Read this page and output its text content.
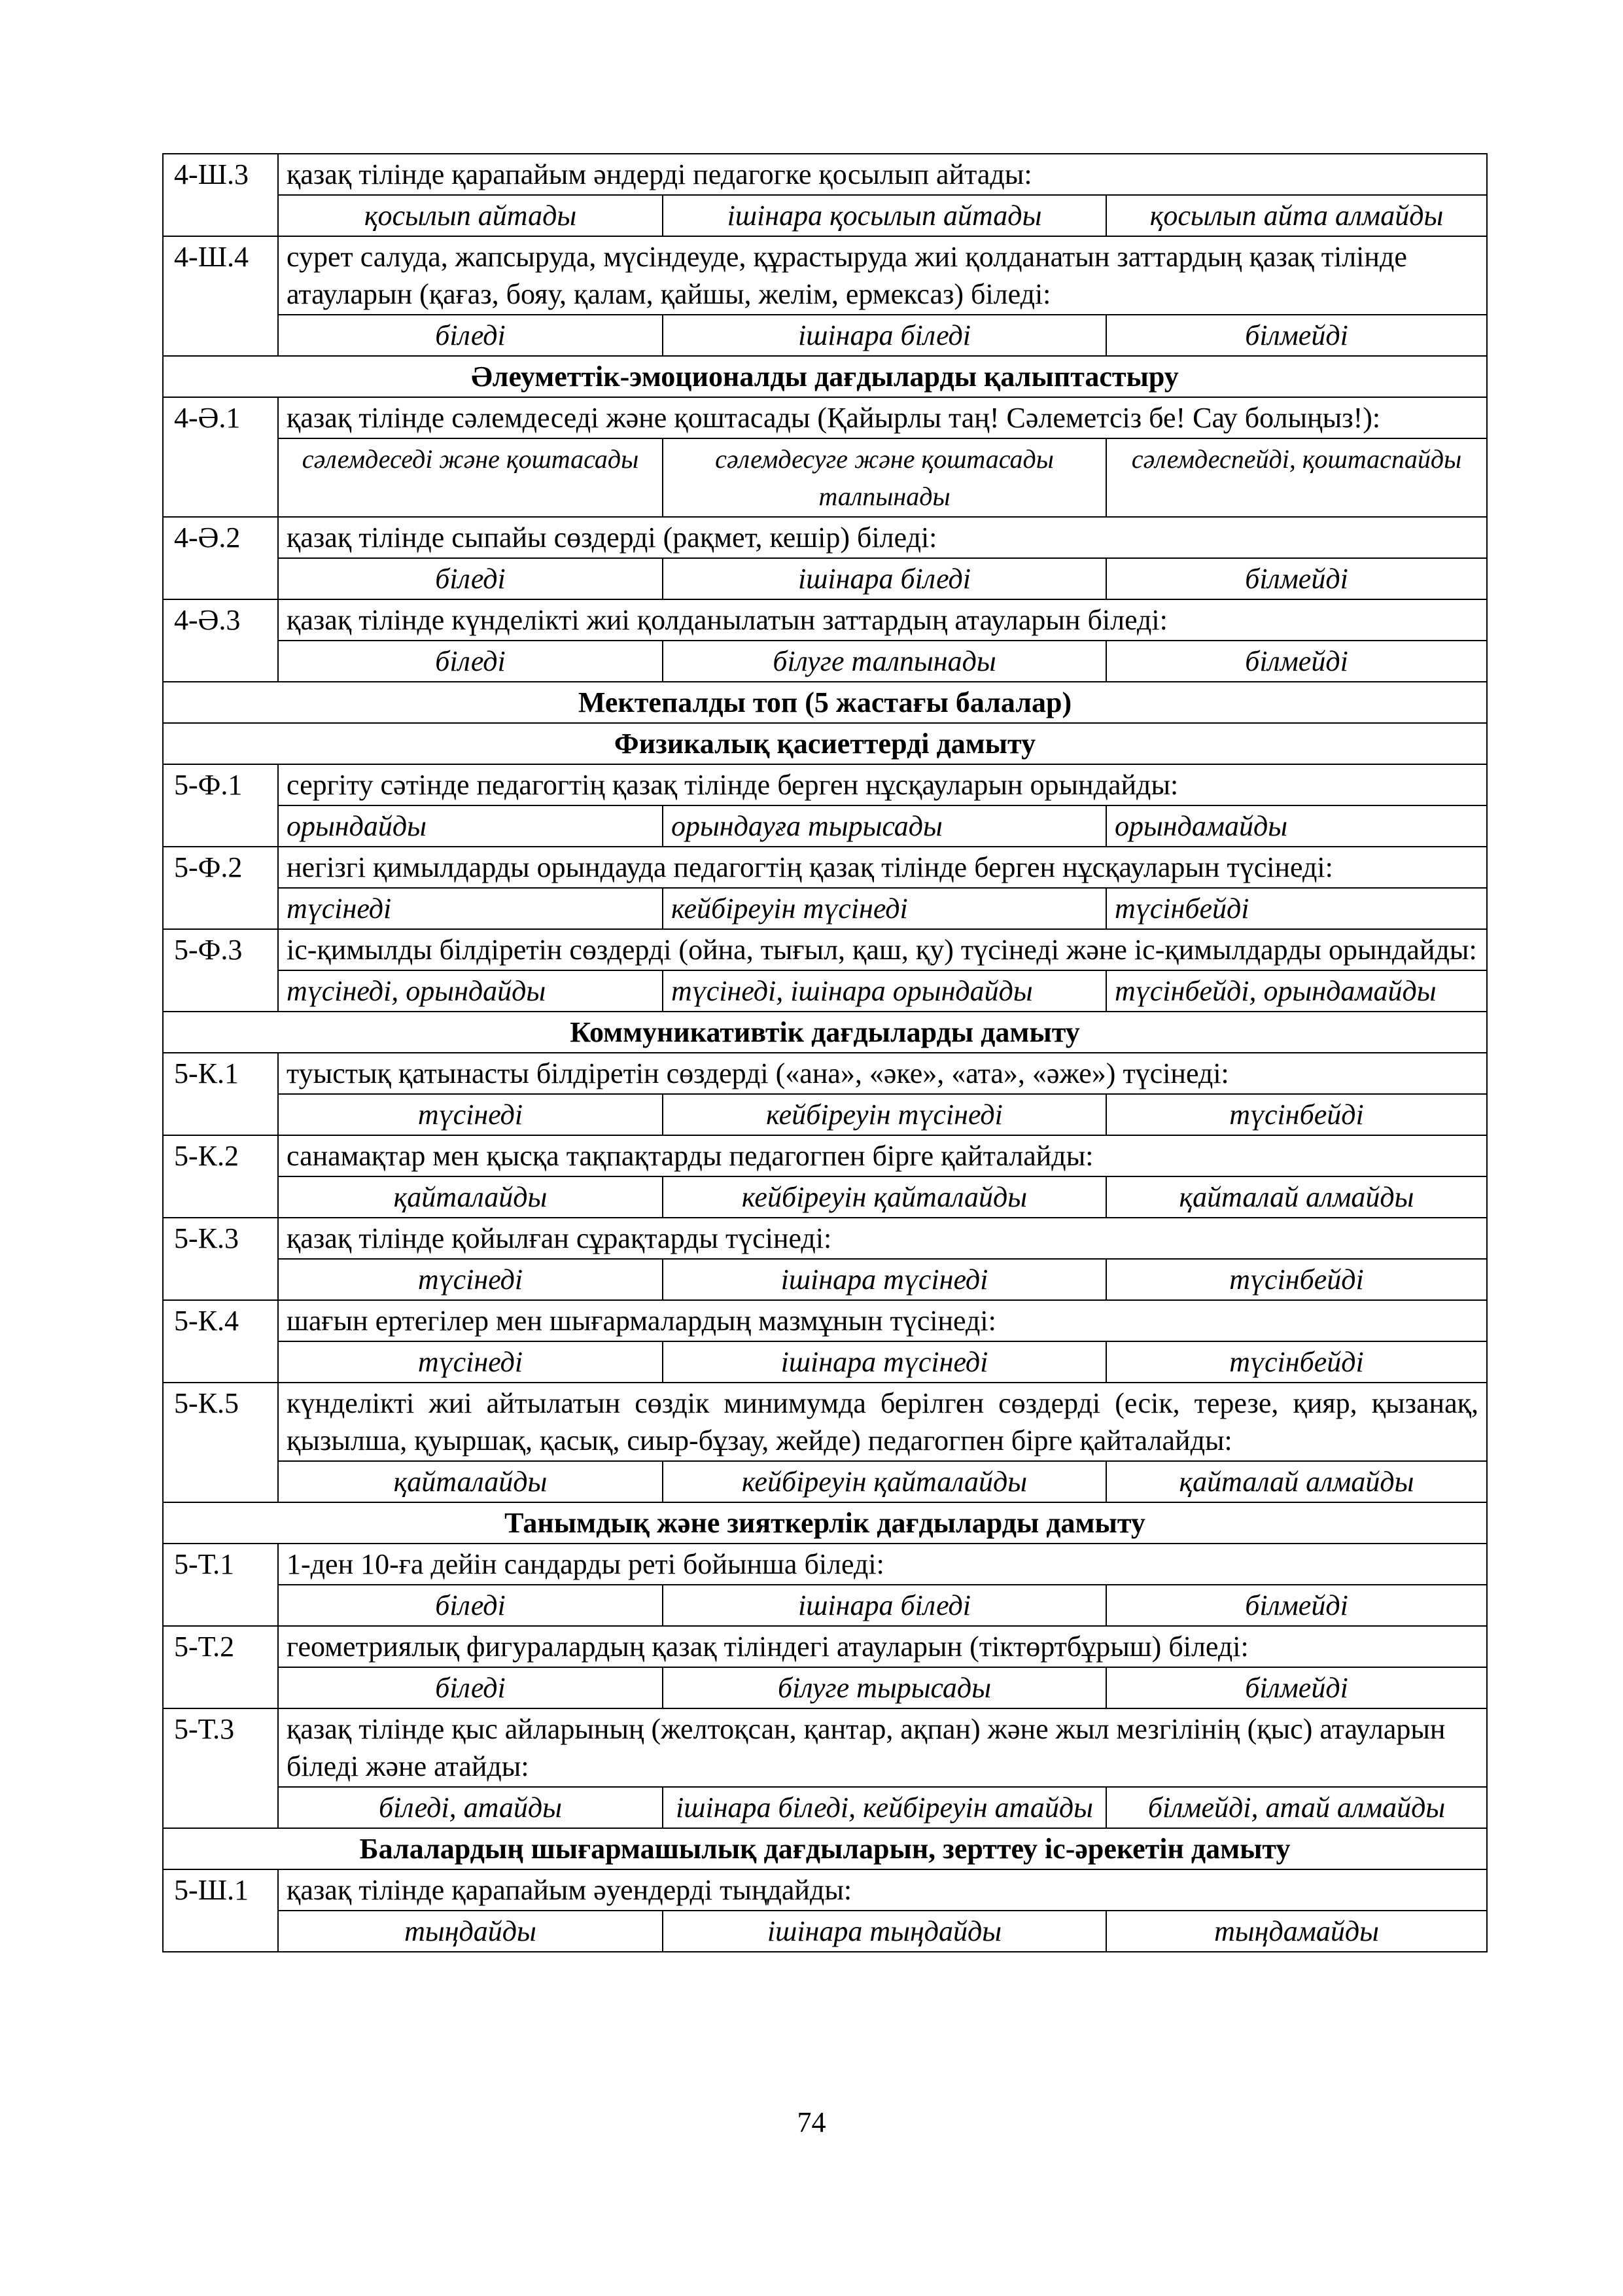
4-Ш.3	қазақ тілінде қарапайым әндерді педагогке қосылып айтады:		
	қосылып айтады	ішінара қосылып айтады	қосылып айта алмайды
4-Ш.4	сурет салуда, жапсыруда, мүсіндеуде, құрастыруда жиі қолданатын заттардың қазақ тілінде атауларын (қағаз, бояу, қалам, қайшы, желім, ермексаз) біледі:		
	біледі	ішінара біледі	білмейді
Әлеуметтік-эмоционалды дағдыларды қалыптастыру			
4-Ә.1	қазақ тілінде сәлемдеседі және қоштасады (Қайырлы таң! Сәлеметсіз бе! Сау болыңыз!):		
	сәлемдеседі және қоштасады	сәлемдесуге және қоштасады талпынады	сәлемдеспейді, қоштаспайды
4-Ә.2	қазақ тілінде сыпайы сөздерді (рақмет, кешір) біледі:		
	біледі	ішінара біледі	білмейді
4-Ә.3	қазақ тілінде күнделікті жиі қолданылатын заттардың атауларын біледі:		
	біледі	білуге талпынады	білмейді
Мектепалды топ (5 жастағы балалар)			
Физикалық қасиеттерді дамыту			
5-Ф.1	сергіту сәтінде педагогтің қазақ тілінде берген нұсқауларын орындайды:		
	орындайды	орындауға тырысады	орындамайды
5-Ф.2	негізгі қимылдарды орындауда педагогтің қазақ тілінде берген нұсқауларын түсінеді:		
	түсінеді	кейбіреуін түсінеді	түсінбейді
5-Ф.3	іс-қимылды білдіретін сөздерді (ойна, тығыл, қаш, қу) түсінеді және іс-қимылдарды орындайды:		
	түсінеді, орындайды	түсінеді, ішінара орындайды	түсінбейді, орындамайды
Коммуникативтік дағдыларды дамыту			
5-К.1	туыстық қатынасты білдіретін сөздерді («ана», «әке», «ата», «әже») түсінеді:		
	түсінеді	кейбіреуін түсінеді	түсінбейді
5-К.2	санамақтар мен қысқа тақпақтарды педагогпен бірге қайталайды:		
	қайталайды	кейбіреуін қайталайды	қайталай алмайды
5-К.3	қазақ тілінде қойылған сұрақтарды түсінеді:		
	түсінеді	ішінара түсінеді	түсінбейді
5-К.4	шағын ертегілер мен шығармалардың мазмұнын түсінеді:		
	түсінеді	ішінара түсінеді	түсінбейді
5-К.5	күнделікті жиі айтылатын сөздік минимумда берілген сөздерді (есік, терезе, қияр, қызанақ, қызылша, қуыршақ, қасық, сиыр-бұзау, жейде) педагогпен бірге қайталайды:		
	қайталайды	кейбіреуін қайталайды	қайталай алмайды
Танымдық және зияткерлік дағдыларды дамыту			
5-Т.1	1-ден 10-ға дейін сандарды реті бойынша біледі:		
	біледі	ішінара біледі	білмейді
5-Т.2	геометриялық фигуралардың қазақ тіліндегі атауларын (тіктөртбұрыш) біледі:		
	біледі	білуге тырысады	білмейді
5-Т.3	қазақ тілінде қыс айларының (желтоқсан, қантар, ақпан) және жыл мезгілінің (қыс) атауларын біледі және атайды:		
	біледі, атайды	ішінара біледі, кейбіреуін атайды	білмейді, атай алмайды
Балалардың шығармашылық дағдыларын, зерттеу іс-әрекетін дамыту			
5-Ш.1	қазақ тілінде қарапайым әуендерді тыңдайды:		
	тыңдайды	ішінара тыңдайды	тыңдамайды
74
